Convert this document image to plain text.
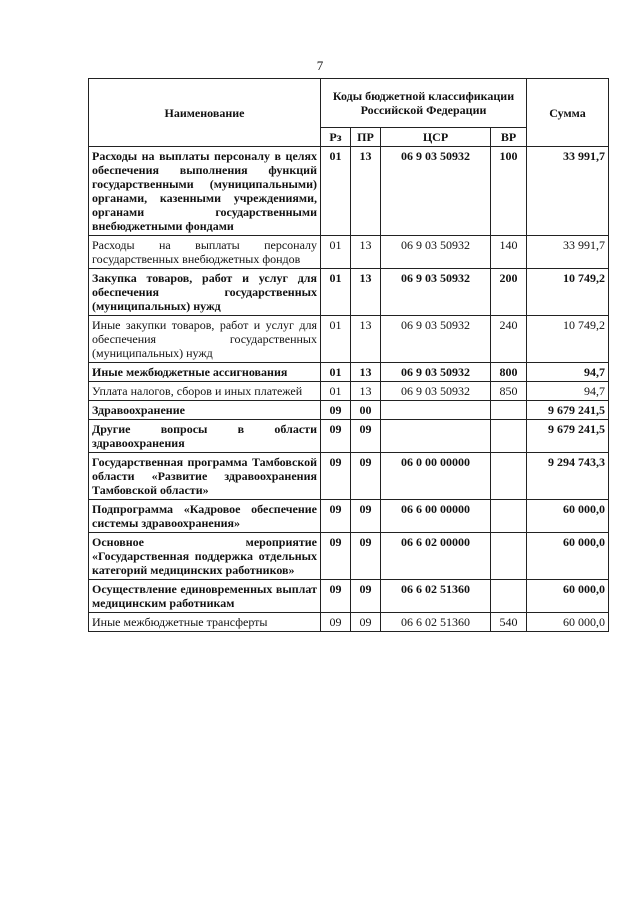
7
Наименование	Коды бюджетной классификации Российской Федерации				Сумма
	Рз	ПР	ЦСР	ВР	
Расходы на выплаты персоналу в целях обеспечения выполнения функций государственными (муниципальными) органами, казенными учреждениями, органами государственными внебюджетными фондами	01	13	06 9 03 50932	100	33 991,7
Расходы на выплаты персоналу государственных внебюджетных фондов	01	13	06 9 03 50932	140	33 991,7
Закупка товаров, работ и услуг для обеспечения государственных (муниципальных) нужд	01	13	06 9 03 50932	200	10 749,2
Иные закупки товаров, работ и услуг для обеспечения государственных (муниципальных) нужд	01	13	06 9 03 50932	240	10 749,2
Иные межбюджетные ассигнования	01	13	06 9 03 50932	800	94,7
Уплата налогов, сборов и иных платежей	01	13	06 9 03 50932	850	94,7
Здравоохранение	09	00			9 679 241,5
Другие вопросы в области здравоохранения	09	09			9 679 241,5
Государственная программа Тамбовской области «Развитие здравоохранения Тамбовской области»	09	09	06 0 00 00000		9 294 743,3
Подпрограмма «Кадровое обеспечение системы здравоохранения»	09	09	06 6 00 00000		60 000,0
Основное мероприятие «Государственная поддержка отдельных категорий медицинских работников»	09	09	06 6 02 00000		60 000,0
Осуществление единовременных выплат медицинским работникам	09	09	06 6 02 51360		60 000,0
Иные межбюджетные трансферты	09	09	06 6 02 51360	540	60 000,0
